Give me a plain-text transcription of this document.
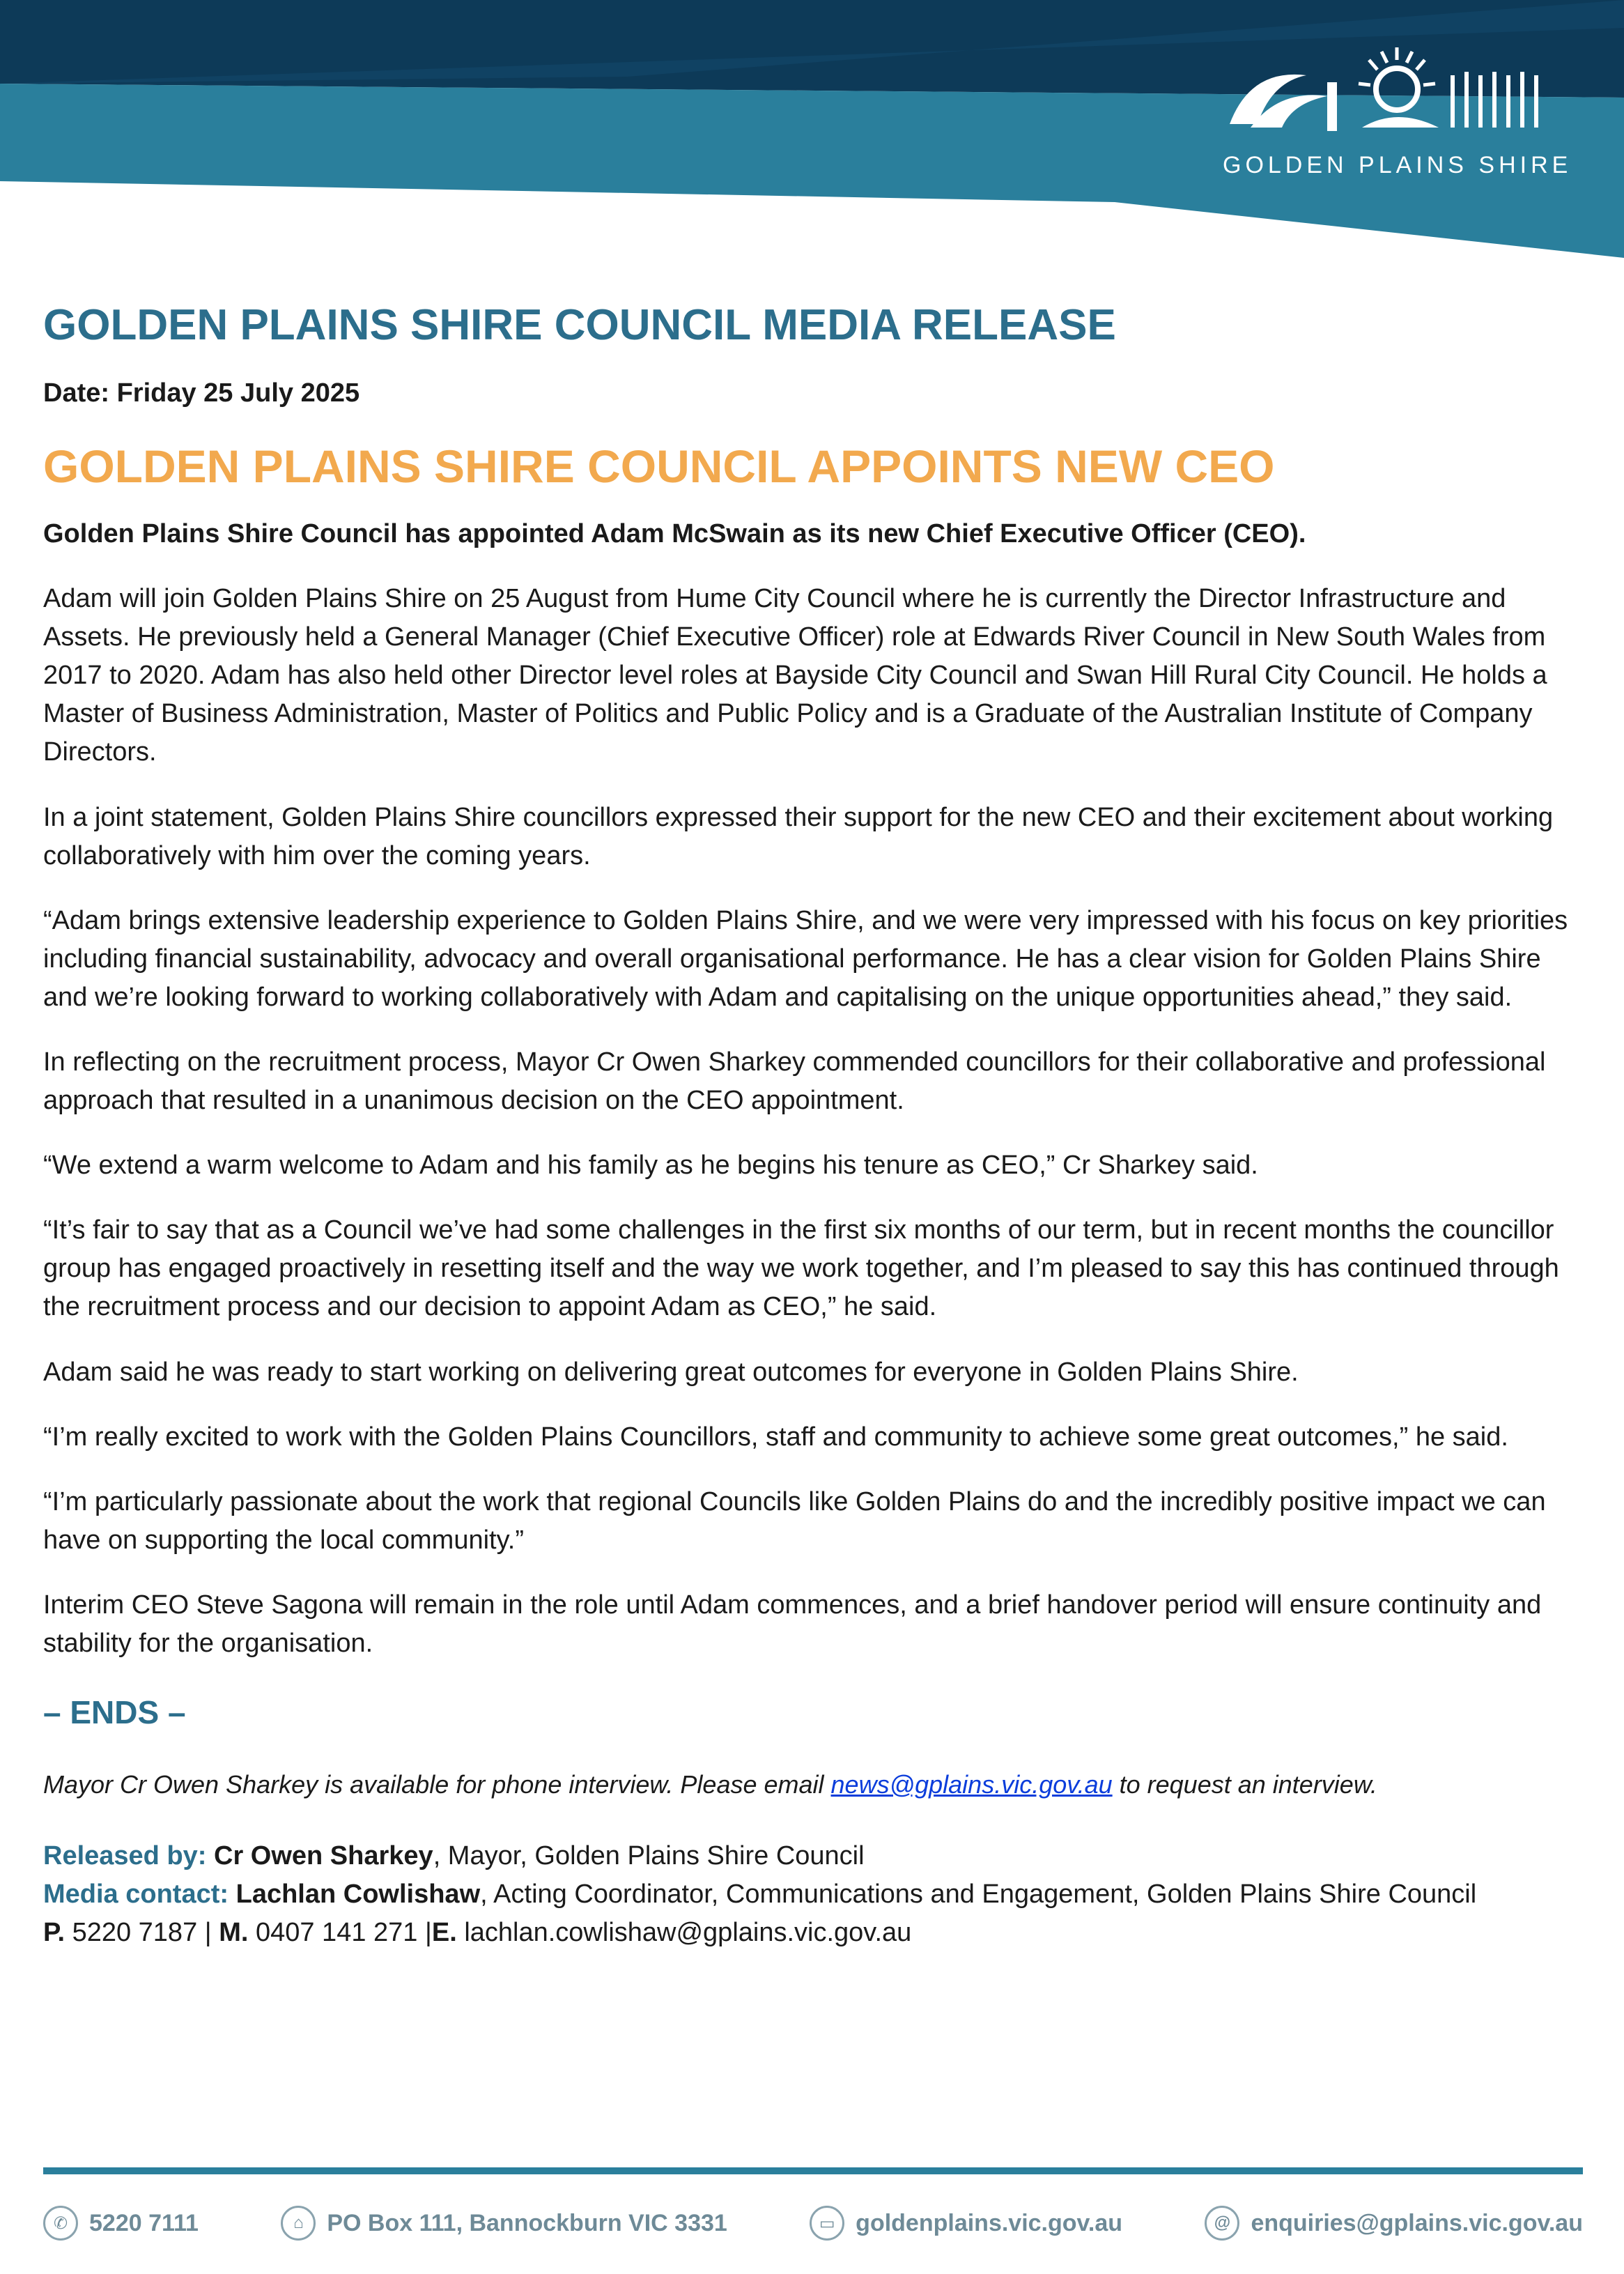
GOLDEN PLAINS SHIRE
GOLDEN PLAINS SHIRE COUNCIL MEDIA RELEASE
Date: Friday 25 July 2025
GOLDEN PLAINS SHIRE COUNCIL APPOINTS NEW CEO
Golden Plains Shire Council has appointed Adam McSwain as its new Chief Executive Officer (CEO).
Adam will join Golden Plains Shire on 25 August from Hume City Council where he is currently the Director Infrastructure and Assets. He previously held a General Manager (Chief Executive Officer) role at Edwards River Council in New South Wales from 2017 to 2020. Adam has also held other Director level roles at Bayside City Council and Swan Hill Rural City Council. He holds a Master of Business Administration, Master of Politics and Public Policy and is a Graduate of the Australian Institute of Company Directors.
In a joint statement, Golden Plains Shire councillors expressed their support for the new CEO and their excitement about working collaboratively with him over the coming years.
“Adam brings extensive leadership experience to Golden Plains Shire, and we were very impressed with his focus on key priorities including financial sustainability, advocacy and overall organisational performance. He has a clear vision for Golden Plains Shire and we’re looking forward to working collaboratively with Adam and capitalising on the unique opportunities ahead,” they said.
In reflecting on the recruitment process, Mayor Cr Owen Sharkey commended councillors for their collaborative and professional approach that resulted in a unanimous decision on the CEO appointment.
“We extend a warm welcome to Adam and his family as he begins his tenure as CEO,” Cr Sharkey said.
“It’s fair to say that as a Council we’ve had some challenges in the first six months of our term, but in recent months the councillor group has engaged proactively in resetting itself and the way we work together, and I’m pleased to say this has continued through the recruitment process and our decision to appoint Adam as CEO,” he said.
Adam said he was ready to start working on delivering great outcomes for everyone in Golden Plains Shire.
“I’m really excited to work with the Golden Plains Councillors, staff and community to achieve some great outcomes,” he said.
“I’m particularly passionate about the work that regional Councils like Golden Plains do and the incredibly positive impact we can have on supporting the local community.”
Interim CEO Steve Sagona will remain in the role until Adam commences, and a brief handover period will ensure continuity and stability for the organisation.
– ENDS –
Mayor Cr Owen Sharkey is available for phone interview. Please email news@gplains.vic.gov.au to request an interview.
Released by: Cr Owen Sharkey, Mayor, Golden Plains Shire Council
Media contact: Lachlan Cowlishaw, Acting Coordinator, Communications and Engagement, Golden Plains Shire Council
P. 5220 7187 | M. 0407 141 271 |E. lachlan.cowlishaw@gplains.vic.gov.au
✆ 5220 7111	⌂ PO Box 111, Bannockburn VIC 3331	▭ goldenplains.vic.gov.au	@ enquiries@gplains.vic.gov.au
